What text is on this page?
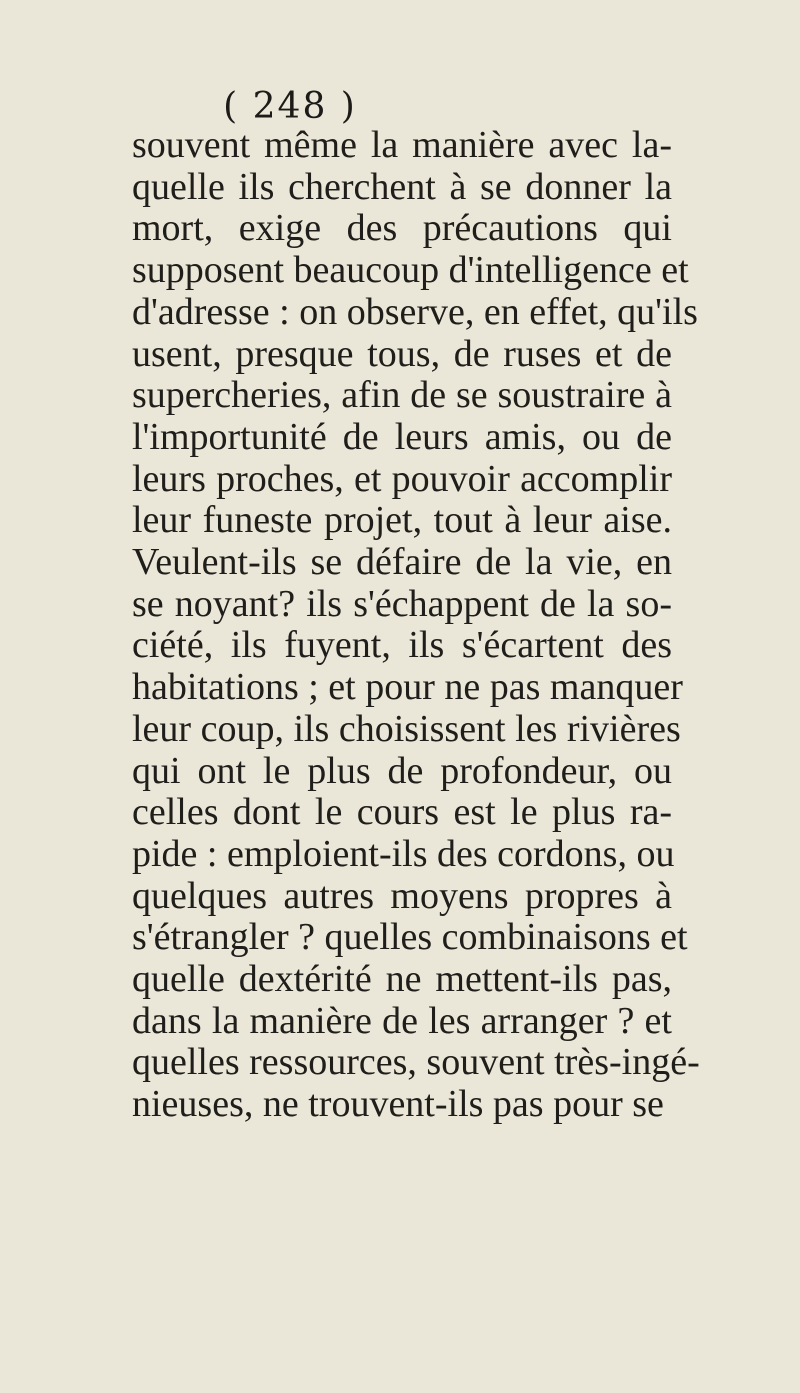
( 248 )
souvent même la manière avec la-
quelle ils cherchent à se donner la
mort, exige des précautions qui
supposent beaucoup d'intelligence et
d'adresse : on observe, en effet, qu'ils
usent, presque tous, de ruses et de
supercheries, afin de se soustraire à
l'importunité de leurs amis, ou de
leurs proches, et pouvoir accomplir
leur funeste projet, tout à leur aise.
Veulent-ils se défaire de la vie, en
se noyant? ils s'échappent de la so-
ciété, ils fuyent, ils s'écartent des
habitations ; et pour ne pas manquer
leur coup, ils choisissent les rivières
qui ont le plus de profondeur, ou
celles dont le cours est le plus ra-
pide : emploient-ils des cordons, ou
quelques autres moyens propres à
s'étrangler ? quelles combinaisons et
quelle dextérité ne mettent-ils pas,
dans la manière de les arranger ? et
quelles ressources, souvent très-ingé-
nieuses, ne trouvent-ils pas pour se
